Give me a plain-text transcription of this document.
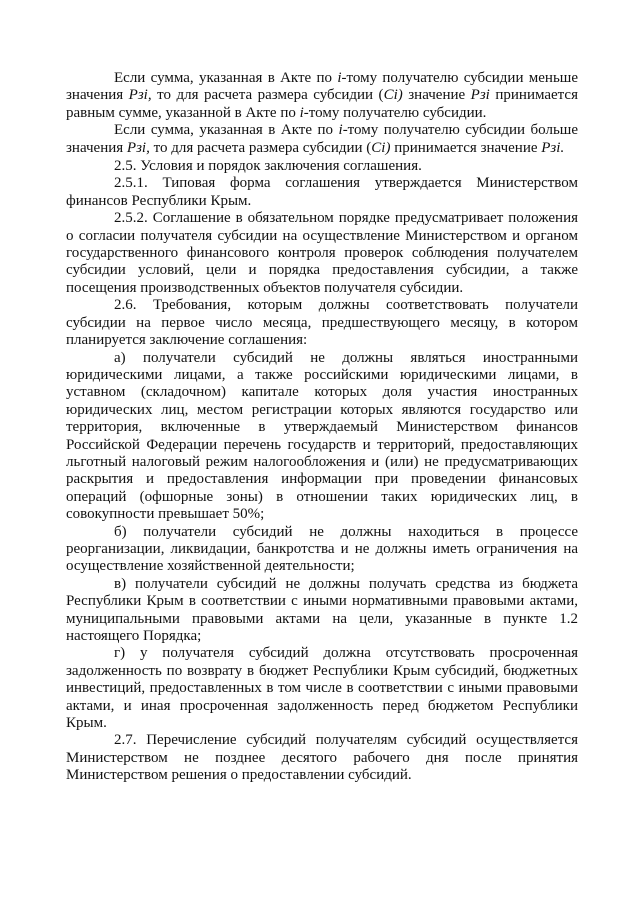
Если сумма, указанная в Акте по i-тому получателю субсидии меньше значения Рзi, то для расчета размера субсидии (Ci) значение Рзi принимается равным сумме, указанной в Акте по i-тому получателю субсидии.

Если сумма, указанная в Акте по i-тому получателю субсидии больше значения Рзi, то для расчета размера субсидии (Ci) принимается значение Рзi.

2.5. Условия и порядок заключения соглашения.

2.5.1. Типовая форма соглашения утверждается Министерством финансов Республики Крым.

2.5.2. Соглашение в обязательном порядке предусматривает положения о согласии получателя субсидии на осуществление Министерством и органом государственного финансового контроля проверок соблюдения получателем субсидии условий, цели и порядка предоставления субсидии, а также посещения производственных объектов получателя субсидии.

2.6. Требования, которым должны соответствовать получатели субсидии на первое число месяца, предшествующего месяцу, в котором планируется заключение соглашения:

а) получатели субсидий не должны являться иностранными юридическими лицами, а также российскими юридическими лицами, в уставном (складочном) капитале которых доля участия иностранных юридических лиц, местом регистрации которых являются государство или территория, включенные в утверждаемый Министерством финансов Российской Федерации перечень государств и территорий, предоставляющих льготный налоговый режим налогообложения и (или) не предусматривающих раскрытия и предоставления информации при проведении финансовых операций (офшорные зоны) в отношении таких юридических лиц, в совокупности превышает 50%;

б) получатели субсидий не должны находиться в процессе реорганизации, ликвидации, банкротства и не должны иметь ограничения на осуществление хозяйственной деятельности;

в) получатели субсидий не должны получать средства из бюджета Республики Крым в соответствии с иными нормативными правовыми актами, муниципальными правовыми актами на цели, указанные в пункте 1.2 настоящего Порядка;

г) у получателя субсидий должна отсутствовать просроченная задолженность по возврату в бюджет Республики Крым субсидий, бюджетных инвестиций, предоставленных в том числе в соответствии с иными правовыми актами, и иная просроченная задолженность перед бюджетом Республики Крым.

2.7. Перечисление субсидий получателям субсидий осуществляется Министерством не позднее десятого рабочего дня после принятия Министерством решения о предоставлении субсидий.
